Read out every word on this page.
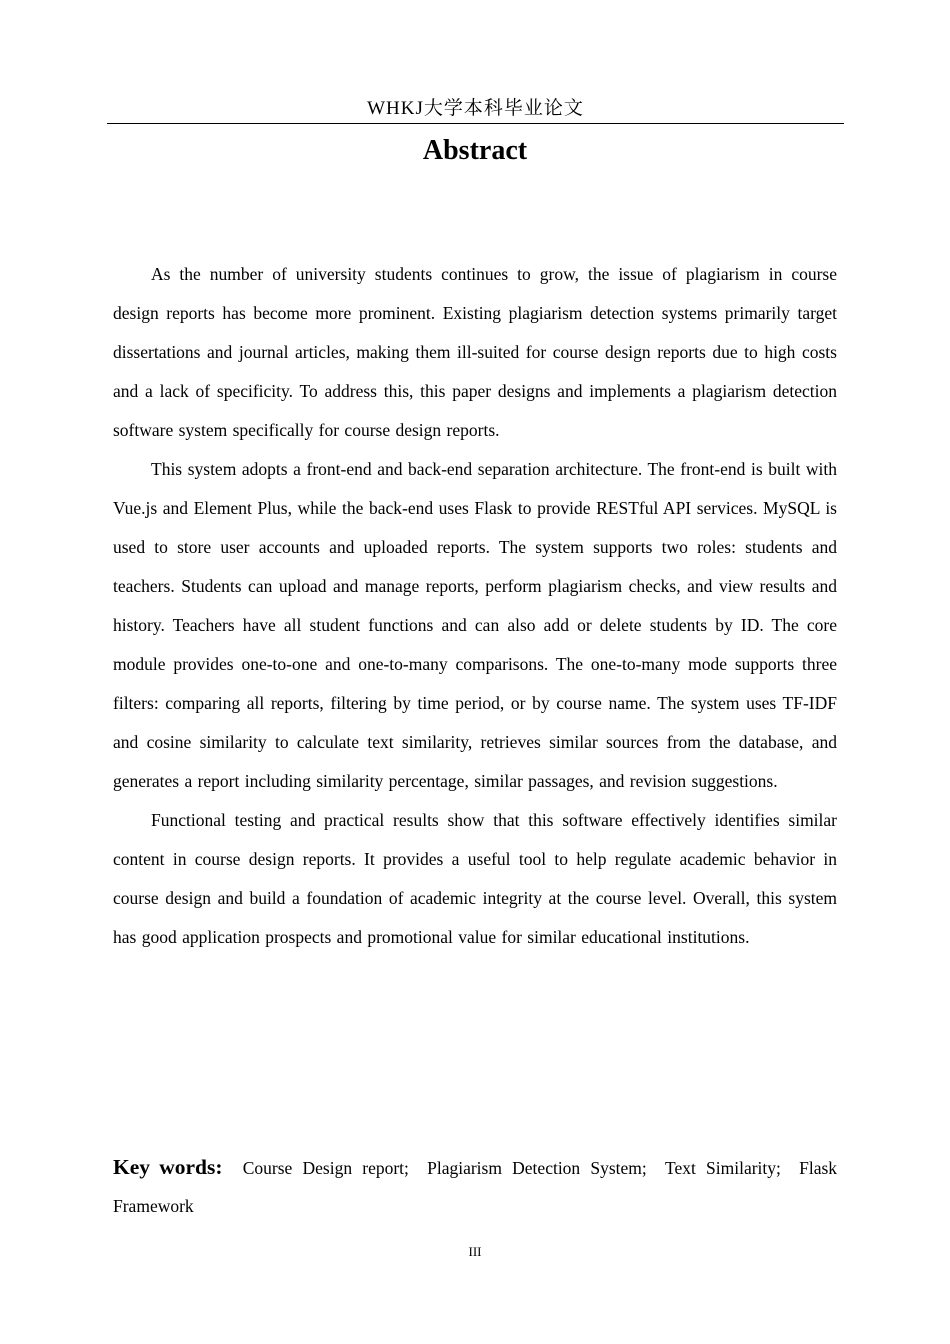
WHKJ大学本科毕业论文
Abstract

As the number of university students continues to grow, the issue of plagiarism in course design reports has become more prominent. Existing plagiarism detection systems primarily target dissertations and journal articles, making them ill-suited for course design reports due to high costs and a lack of specificity. To address this, this paper designs and implements a plagiarism detection software system specifically for course design reports.

This system adopts a front-end and back-end separation architecture. The front-end is built with Vue.js and Element Plus, while the back-end uses Flask to provide RESTful API services. MySQL is used to store user accounts and uploaded reports. The system supports two roles: students and teachers. Students can upload and manage reports, perform plagiarism checks, and view results and history. Teachers have all student functions and can also add or delete students by ID. The core module provides one-to-one and one-to-many comparisons. The one-to-many mode supports three filters: comparing all reports, filtering by time period, or by course name. The system uses TF-IDF and cosine similarity to calculate text similarity, retrieves similar sources from the database, and generates a report including similarity percentage, similar passages, and revision suggestions.

Functional testing and practical results show that this software effectively identifies similar content in course design reports. It provides a useful tool to help regulate academic behavior in course design and build a foundation of academic integrity at the course level. Overall, this system has good application prospects and promotional value for similar educational institutions.

Key words: Course Design report; Plagiarism Detection System; Text Similarity; Flask Framework
III
